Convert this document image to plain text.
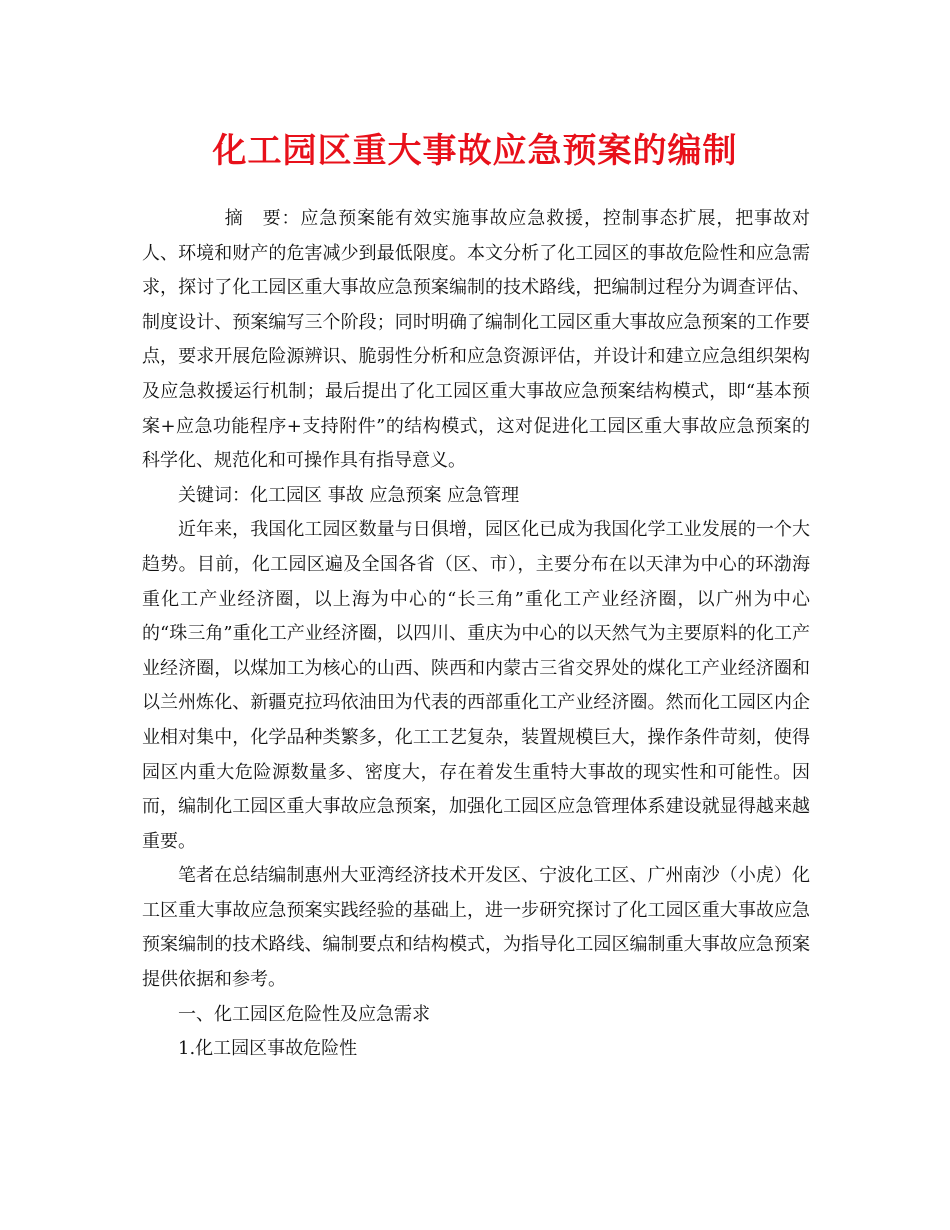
化工园区重大事故应急预案的编制

摘　要：应急预案能有效实施事故应急救援，控制事态扩展，把事故对人、环境和财产的危害减少到最低限度。本文分析了化工园区的事故危险性和应急需求，探讨了化工园区重大事故应急预案编制的技术路线，把编制过程分为调查评估、制度设计、预案编写三个阶段；同时明确了编制化工园区重大事故应急预案的工作要点，要求开展危险源辨识、脆弱性分析和应急资源评估，并设计和建立应急组织架构及应急救援运行机制；最后提出了化工园区重大事故应急预案结构模式，即“基本预案+应急功能程序+支持附件”的结构模式，这对促进化工园区重大事故应急预案的科学化、规范化和可操作具有指导意义。

关键词：化工园区 事故 应急预案 应急管理

近年来，我国化工园区数量与日俱增，园区化已成为我国化学工业发展的一个大趋势。目前，化工园区遍及全国各省（区、市），主要分布在以天津为中心的环渤海重化工产业经济圈，以上海为中心的“长三角”重化工产业经济圈，以广州为中心的“珠三角”重化工产业经济圈，以四川、重庆为中心的以天然气为主要原料的化工产业经济圈，以煤加工为核心的山西、陕西和内蒙古三省交界处的煤化工产业经济圈和以兰州炼化、新疆克拉玛依油田为代表的西部重化工产业经济圈。然而化工园区内企业相对集中，化学品种类繁多，化工工艺复杂，装置规模巨大，操作条件苛刻，使得园区内重大危险源数量多、密度大，存在着发生重特大事故的现实性和可能性。因而，编制化工园区重大事故应急预案，加强化工园区应急管理体系建设就显得越来越重要。

笔者在总结编制惠州大亚湾经济技术开发区、宁波化工区、广州南沙（小虎）化工区重大事故应急预案实践经验的基础上，进一步研究探讨了化工园区重大事故应急预案编制的技术路线、编制要点和结构模式，为指导化工园区编制重大事故应急预案提供依据和参考。

一、化工园区危险性及应急需求

1.化工园区事故危险性
